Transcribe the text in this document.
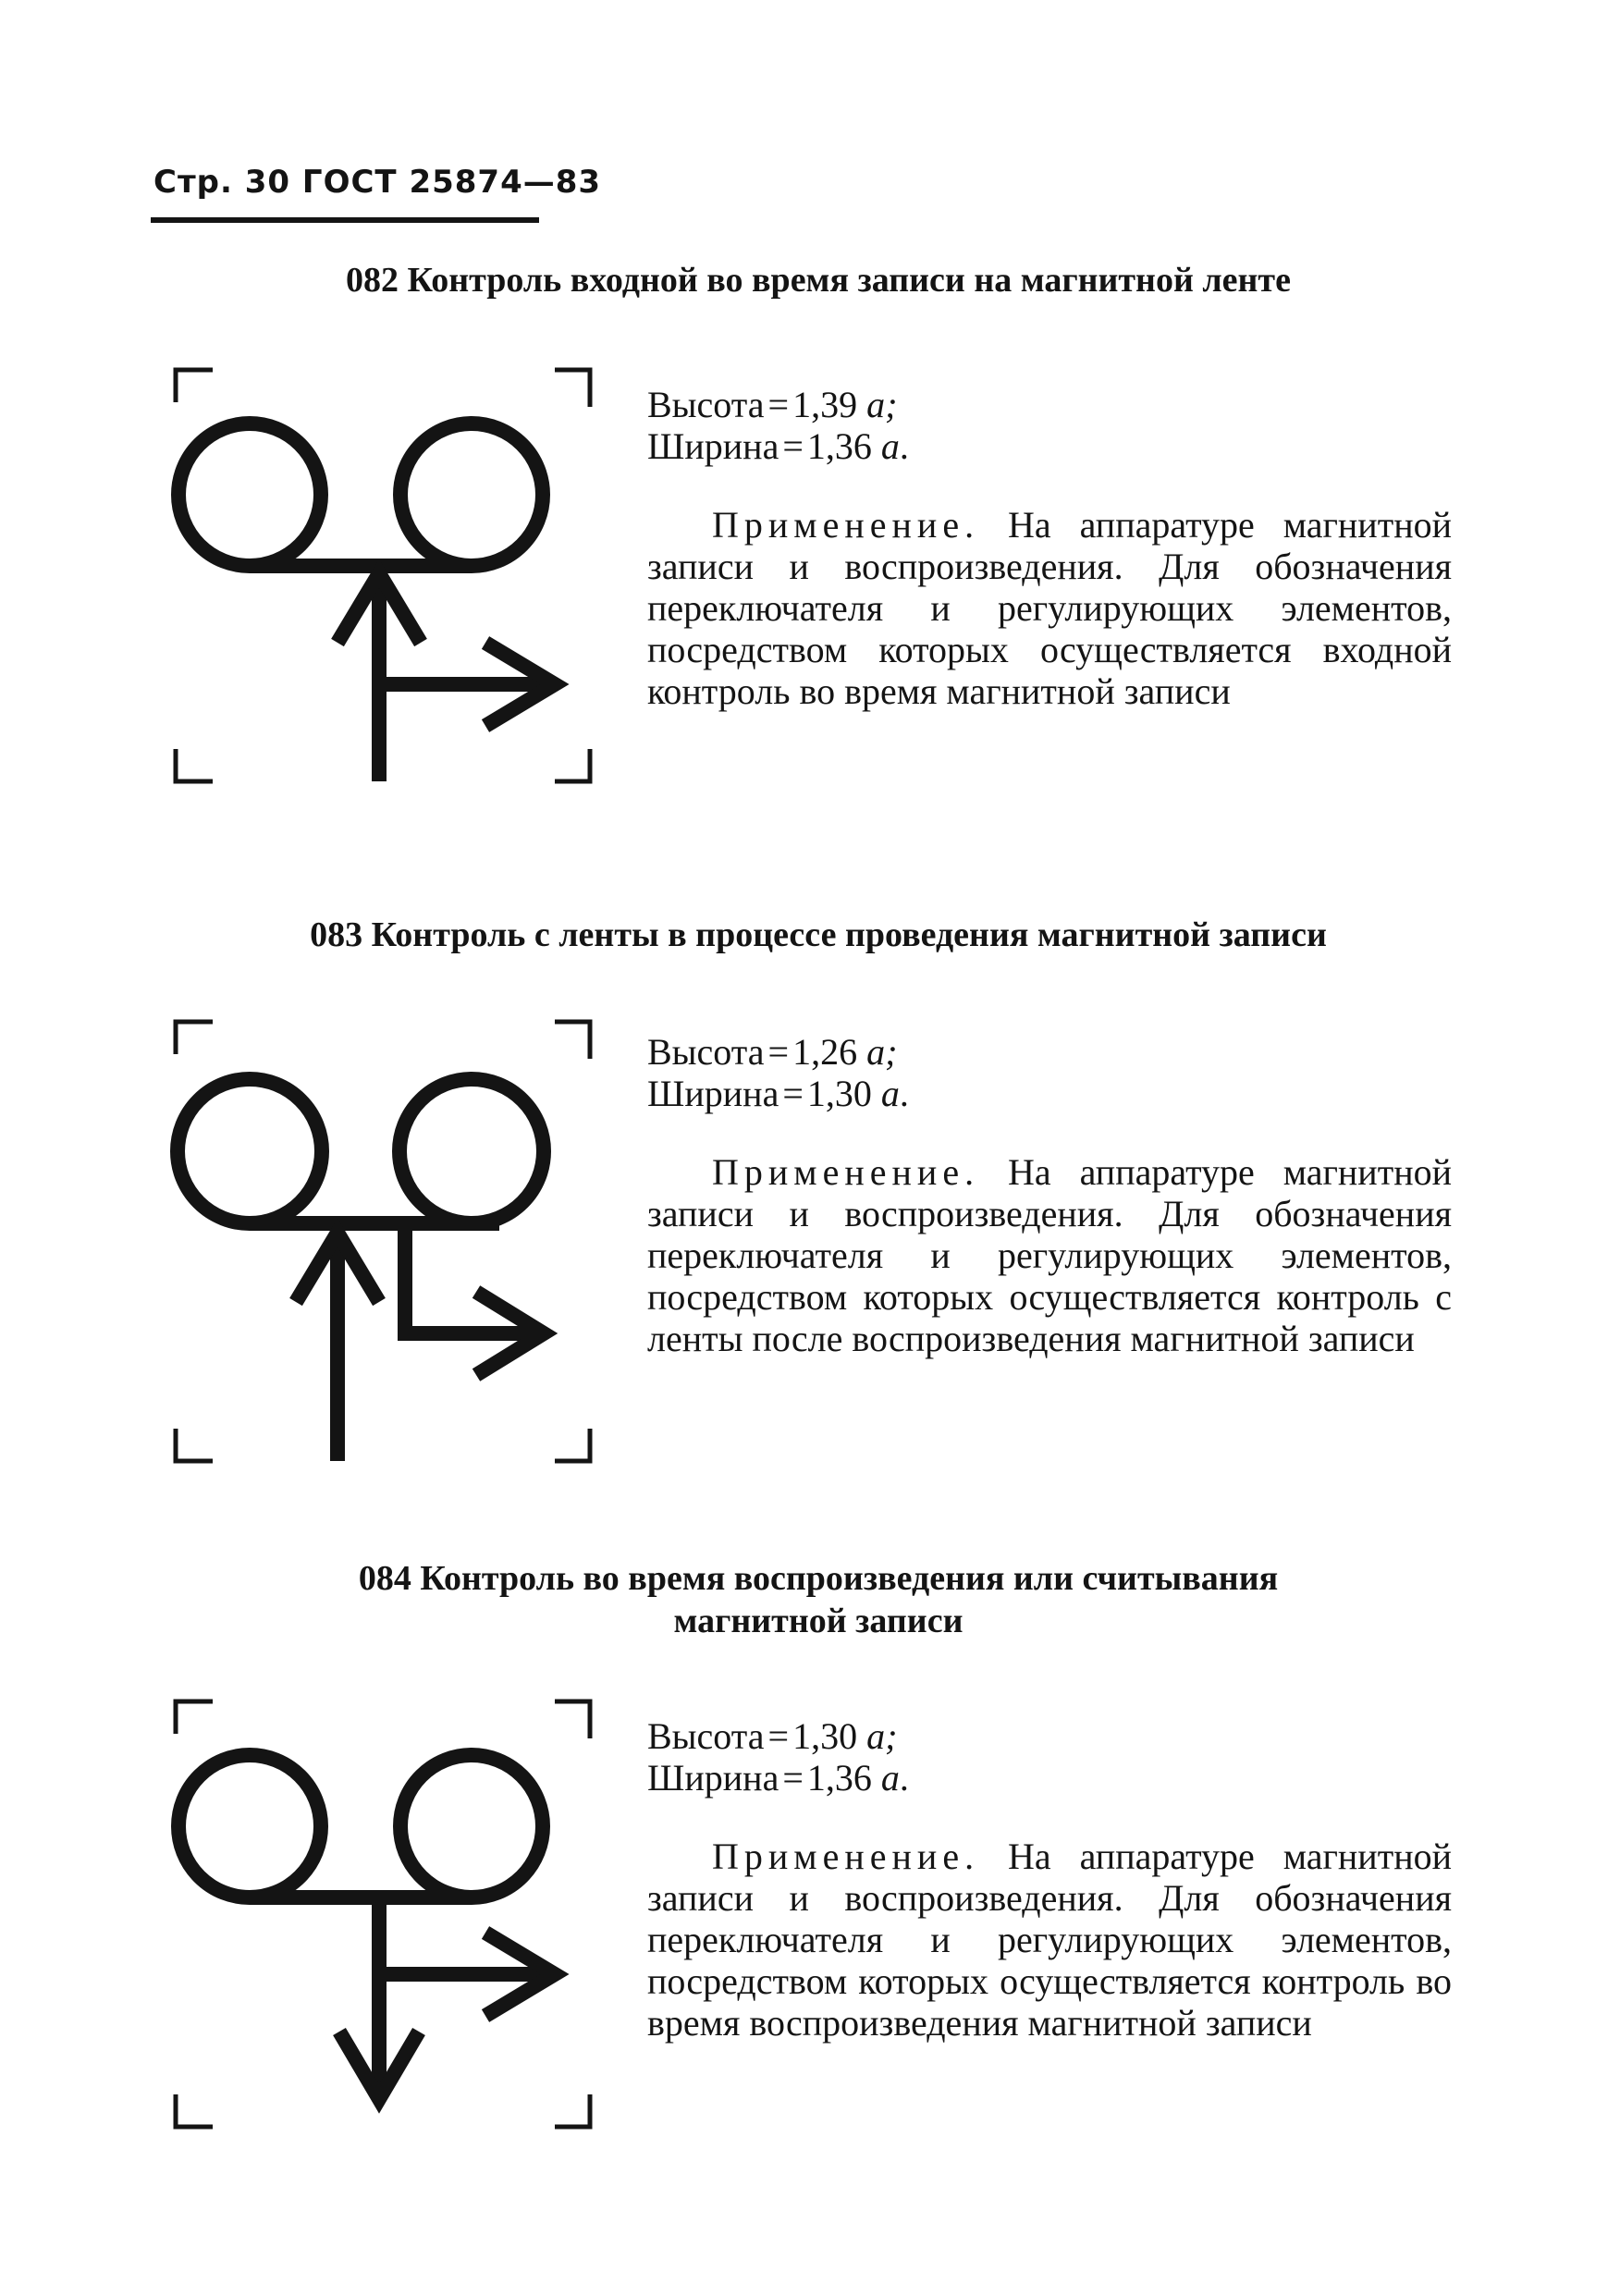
Стр. 30 ГОСТ 25874—83
082 Контроль входной во время записи на магнитной ленте
Высота = 1,39 a;
Ширина = 1,36 a.

Применение. На аппаратуре магнитной записи и воспроизведения. Для обозначения переключателя и регулирующих элементов, посредством которых осуществляется входной контроль во время магнитной записи

083 Контроль с ленты в процессе проведения магнитной записи
Высота = 1,26 a;
Ширина = 1,30 a.

Применение. На аппаратуре магнитной записи и воспроизведения. Для обозначения переключателя и регулирующих элементов, посредством которых осуществляется контроль с ленты после воспроизведения магнитной записи

084 Контроль во время воспроизведения или считывания
магнитной записи
Высота = 1,30 a;
Ширина = 1,36 a.

Применение. На аппаратуре магнитной записи и воспроизведения. Для обозначения переключателя и регулирующих элементов, посредством которых осуществляется контроль во время воспроизведения магнитной записи
